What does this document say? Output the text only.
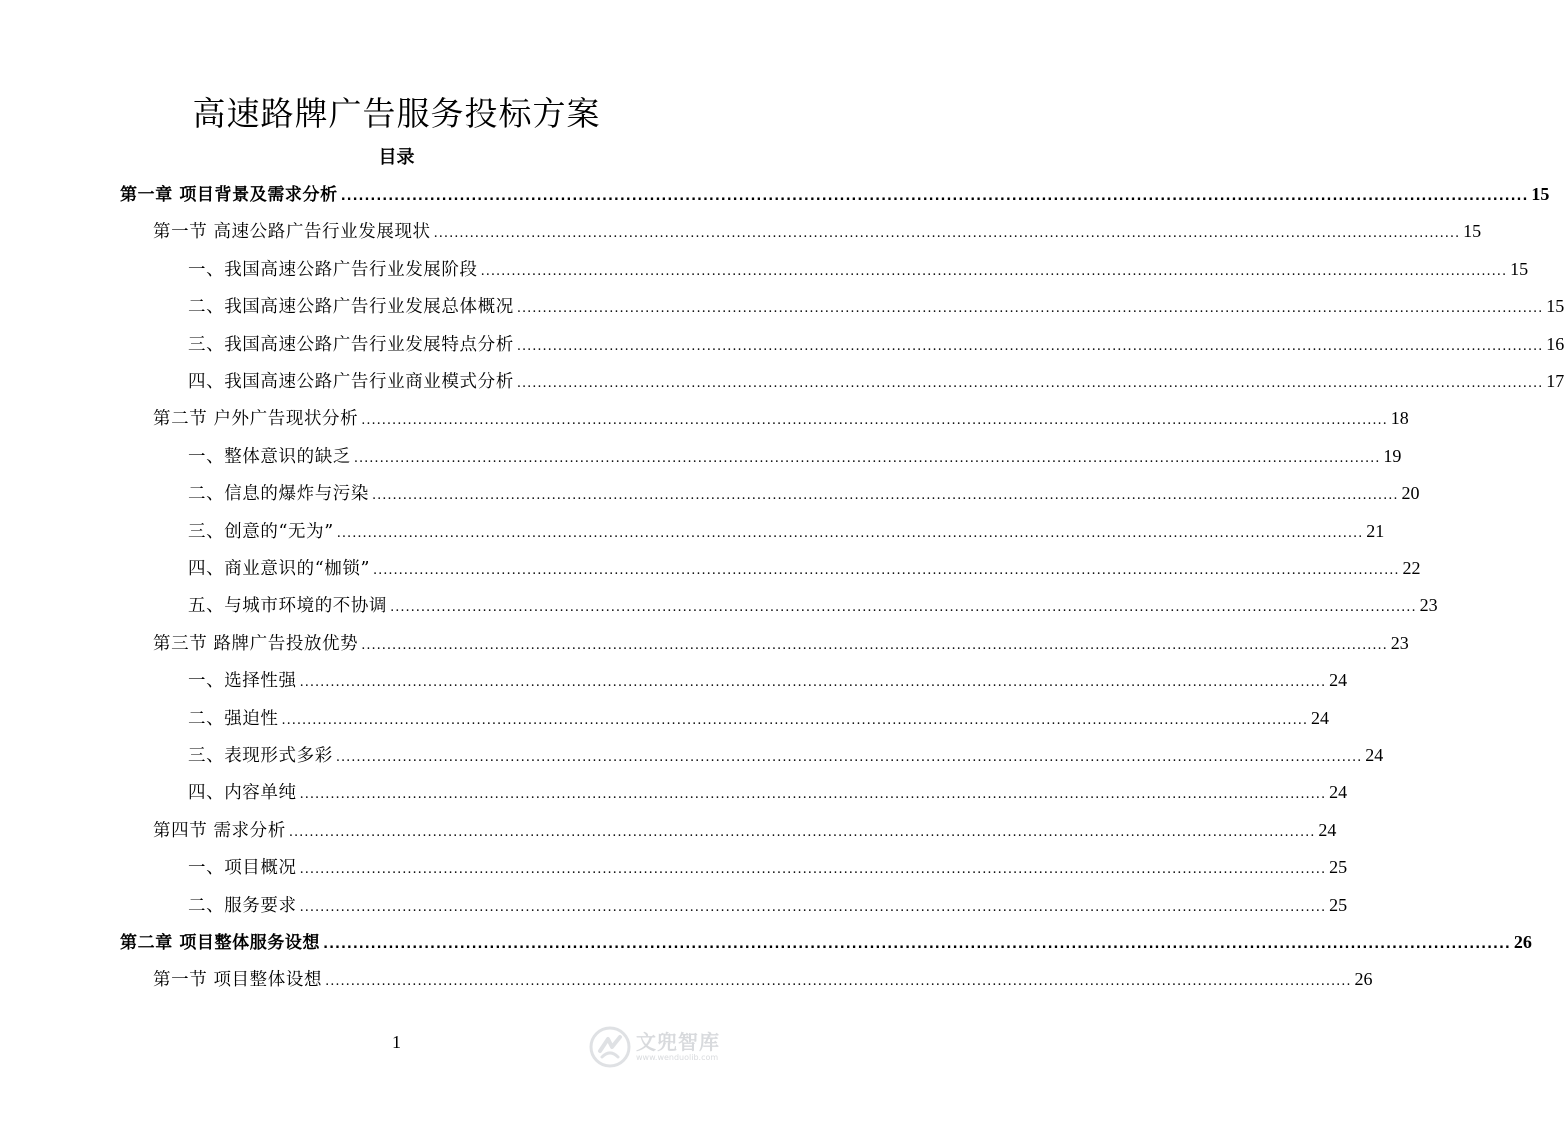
高速路牌广告服务投标方案
目录
第一章 项目背景及需求分析 ........................................................................................................................................................................................................ 15
第一节 高速公路广告行业发展现状 ........................................................................................................................................................................................................ 15
一、我国高速公路广告行业发展阶段 ........................................................................................................................................................................................................ 15
二、我国高速公路广告行业发展总体概况 ........................................................................................................................................................................................................ 15
三、我国高速公路广告行业发展特点分析 ........................................................................................................................................................................................................ 16
四、我国高速公路广告行业商业模式分析 ........................................................................................................................................................................................................ 17
第二节 户外广告现状分析 ........................................................................................................................................................................................................ 18
一、整体意识的缺乏 ........................................................................................................................................................................................................ 19
二、信息的爆炸与污染 ........................................................................................................................................................................................................ 20
三、创意的“无为” ........................................................................................................................................................................................................ 21
四、商业意识的“枷锁” ........................................................................................................................................................................................................ 22
五、与城市环境的不协调 ........................................................................................................................................................................................................ 23
第三节 路牌广告投放优势 ........................................................................................................................................................................................................ 23
一、选择性强 ........................................................................................................................................................................................................ 24
二、强迫性 ........................................................................................................................................................................................................ 24
三、表现形式多彩 ........................................................................................................................................................................................................ 24
四、内容单纯 ........................................................................................................................................................................................................ 24
第四节 需求分析 ........................................................................................................................................................................................................ 24
一、项目概况 ........................................................................................................................................................................................................ 25
二、服务要求 ........................................................................................................................................................................................................ 25
第二章 项目整体服务设想 ........................................................................................................................................................................................................ 26
第一节 项目整体设想 ........................................................................................................................................................................................................ 26
1	文兜智库
www.wenduolib.com
